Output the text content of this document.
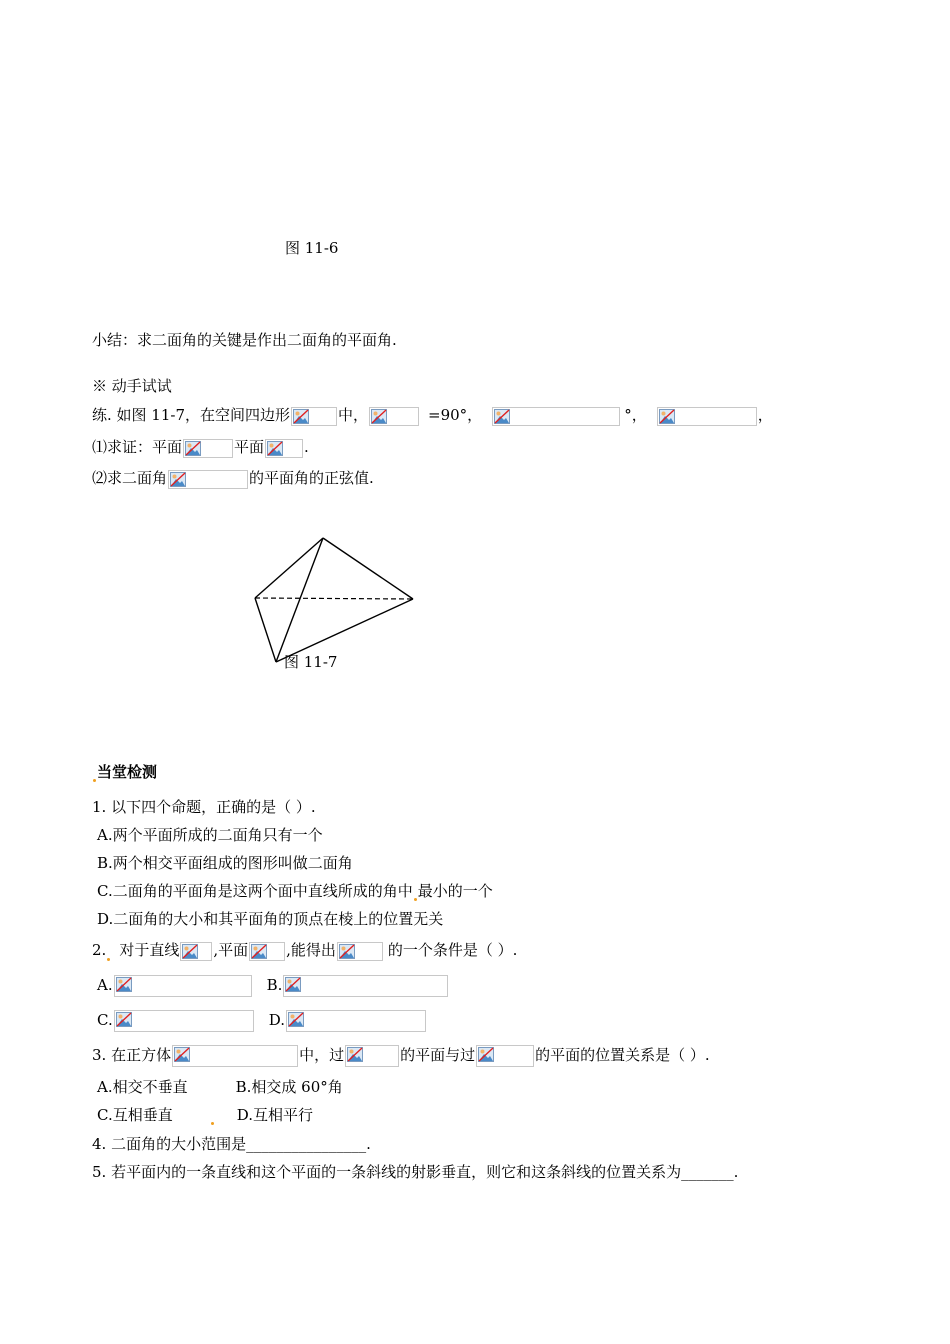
图 11-6
小结：求二面角的关键是作出二面角的平面角.
※ 动手试试
练. 如图 11-7，在空间四边形	中，	=90°，	°，	，
⑴求证：平面	平面	.
⑵求二面角	的平面角的正弦值.
图 11-7
当堂检测
1. 以下四个命题，正确的是（ ）.
A.两个平面所成的二面角只有一个
B.两个相交平面组成的图形叫做二面角
C.二面角的平面角是这两个面中直线所成的角中 最小的一个
D.二面角的大小和其平面角的顶点在棱上的位置无关
2. 对于直线 ,平面	,能得出	的一个条件是（ ）.
A.	B.
C.	D.
3. 在正方体	中，过	的平面与过	的平面的位置关系是（ ）.
A.相交不垂直	B.相交成 60°角
C.互相垂直	D.互相平行
4. 二面角的大小范围是________________.
5. 若平面内的一条直线和这个平面的一条斜线的射影垂直，则它和这条斜线的位置关系为_______.
